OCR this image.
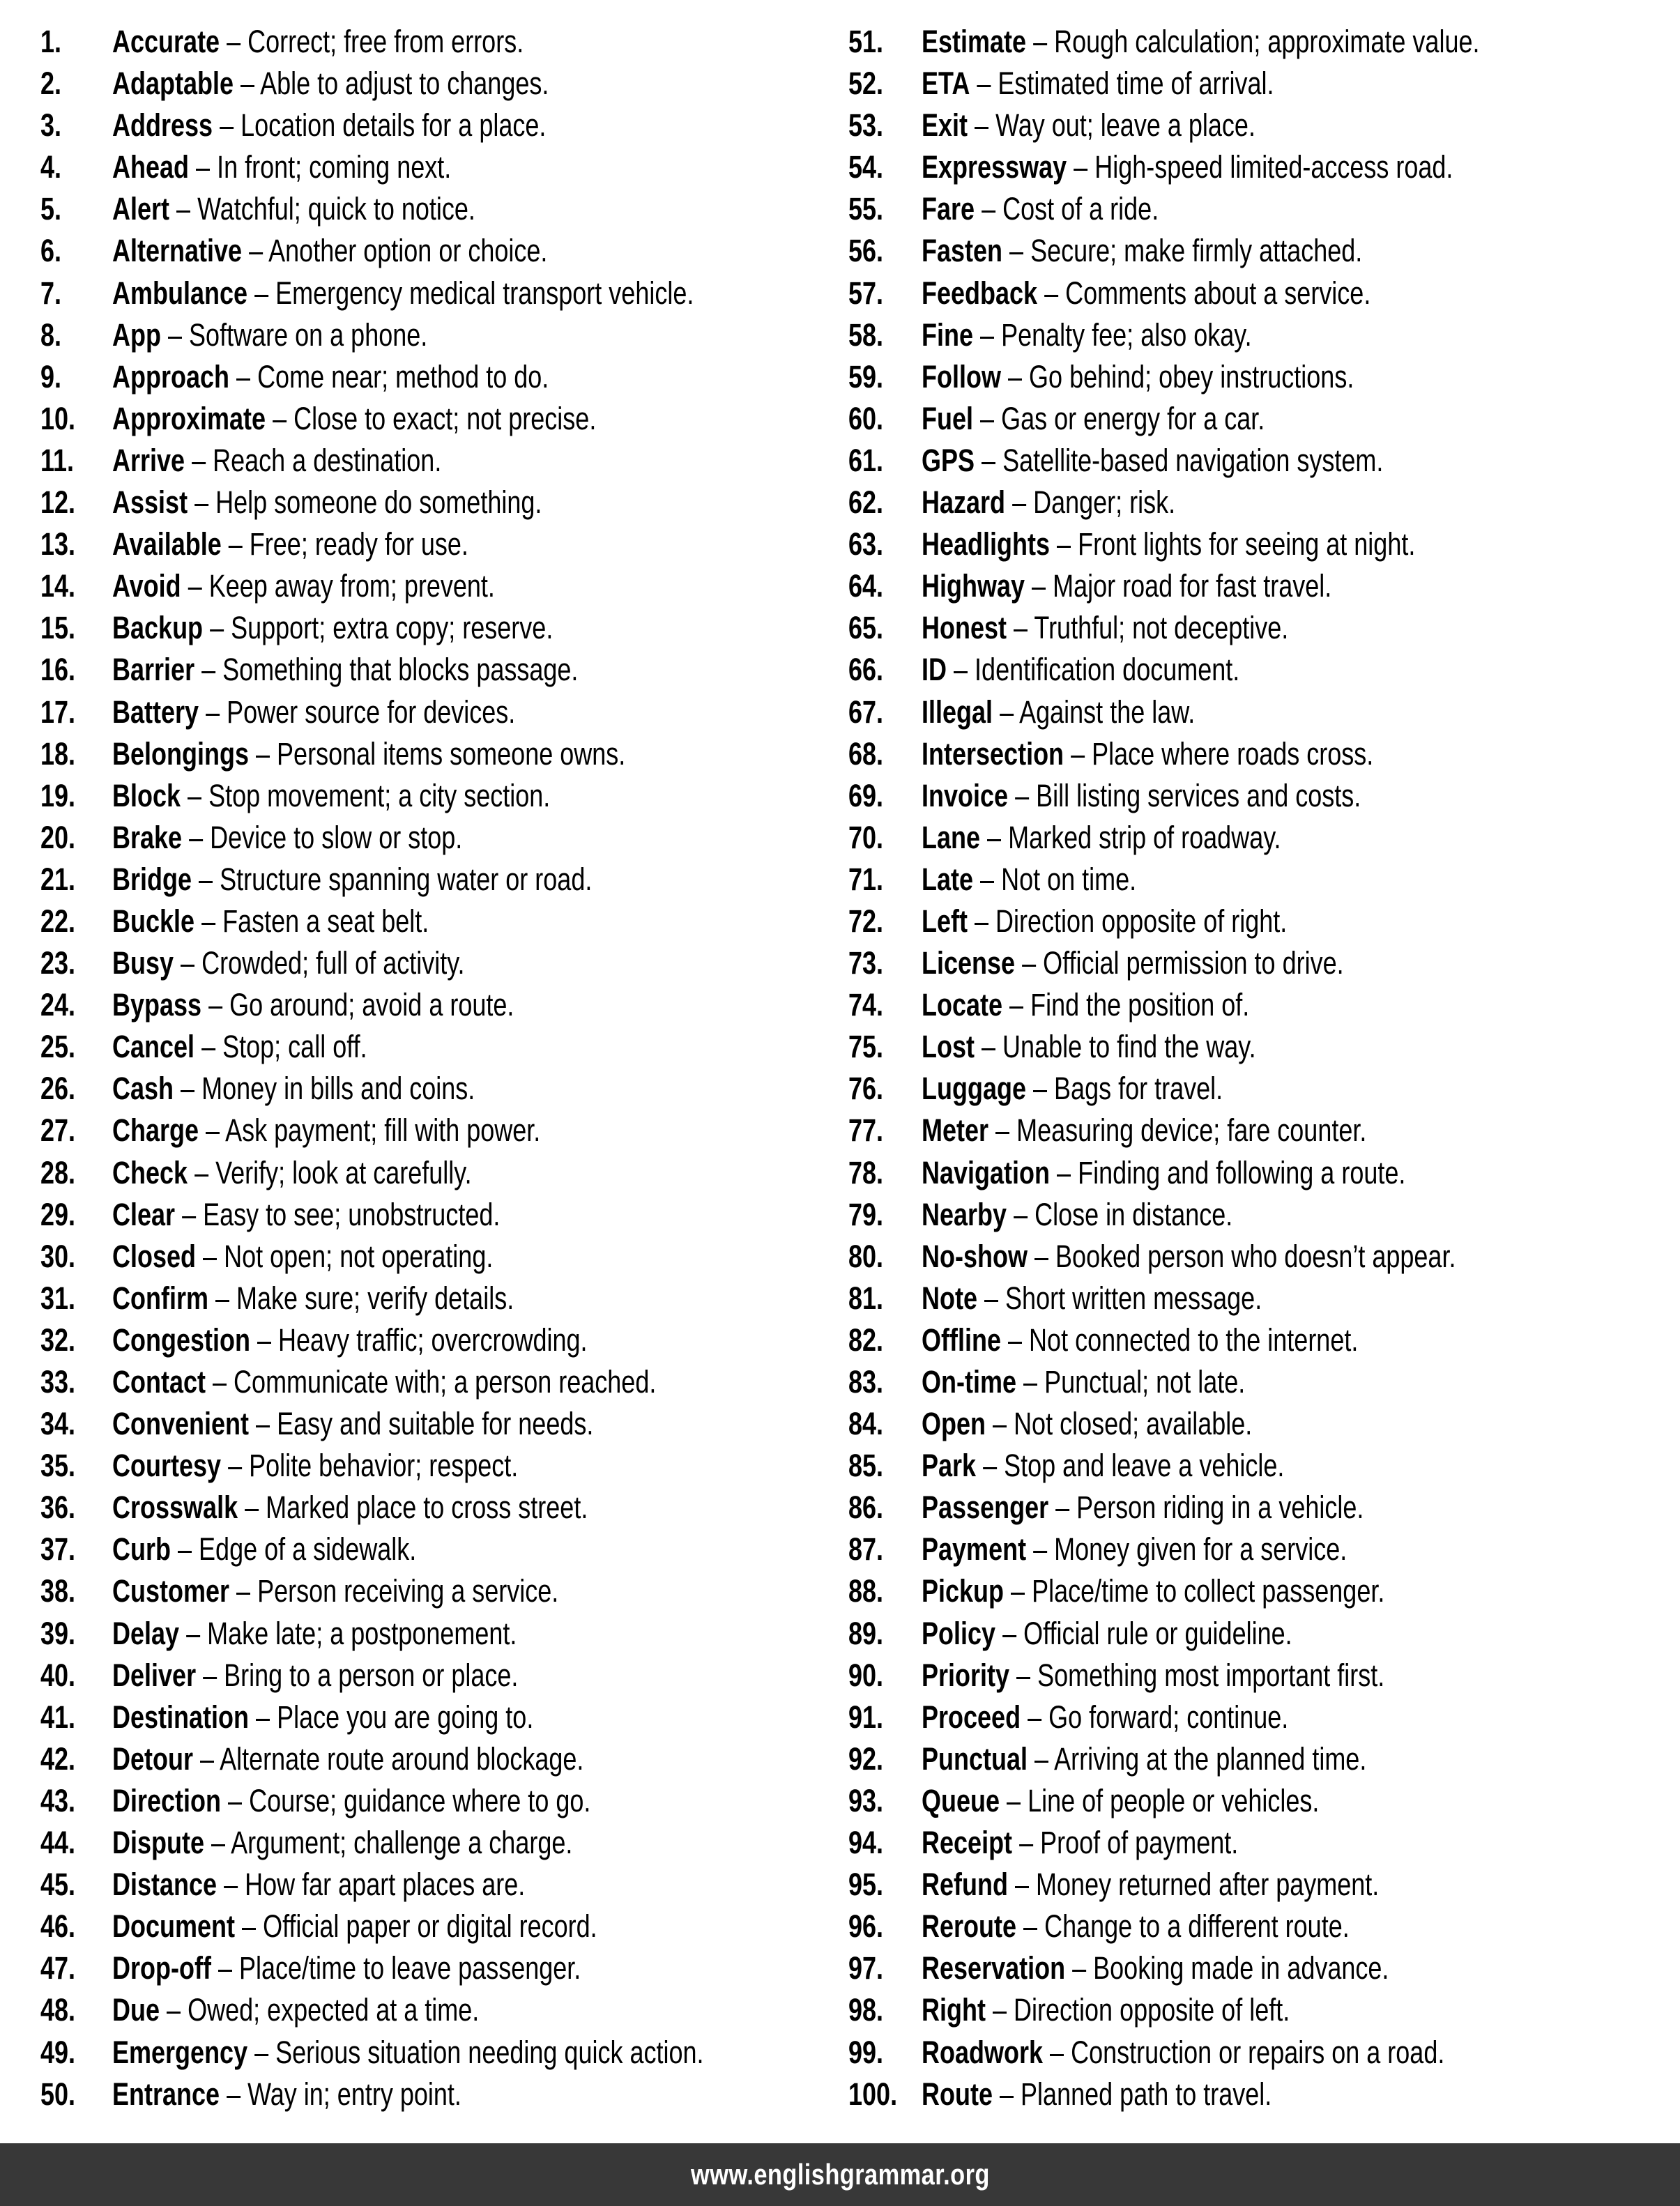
1.	Accurate – Correct; free from errors.
2.	Adaptable – Able to adjust to changes.
3.	Address – Location details for a place.
4.	Ahead – In front; coming next.
5.	Alert – Watchful; quick to notice.
6.	Alternative – Another option or choice.
7.	Ambulance – Emergency medical transport vehicle.
8.	App – Software on a phone.
9.	Approach – Come near; method to do.
10.	Approximate – Close to exact; not precise.
11.	Arrive – Reach a destination.
12.	Assist – Help someone do something.
13.	Available – Free; ready for use.
14.	Avoid – Keep away from; prevent.
15.	Backup – Support; extra copy; reserve.
16.	Barrier – Something that blocks passage.
17.	Battery – Power source for devices.
18.	Belongings – Personal items someone owns.
19.	Block – Stop movement; a city section.
20.	Brake – Device to slow or stop.
21.	Bridge – Structure spanning water or road.
22.	Buckle – Fasten a seat belt.
23.	Busy – Crowded; full of activity.
24.	Bypass – Go around; avoid a route.
25.	Cancel – Stop; call off.
26.	Cash – Money in bills and coins.
27.	Charge – Ask payment; fill with power.
28.	Check – Verify; look at carefully.
29.	Clear – Easy to see; unobstructed.
30.	Closed – Not open; not operating.
31.	Confirm – Make sure; verify details.
32.	Congestion – Heavy traffic; overcrowding.
33.	Contact – Communicate with; a person reached.
34.	Convenient – Easy and suitable for needs.
35.	Courtesy – Polite behavior; respect.
36.	Crosswalk – Marked place to cross street.
37.	Curb – Edge of a sidewalk.
38.	Customer – Person receiving a service.
39.	Delay – Make late; a postponement.
40.	Deliver – Bring to a person or place.
41.	Destination – Place you are going to.
42.	Detour – Alternate route around blockage.
43.	Direction – Course; guidance where to go.
44.	Dispute – Argument; challenge a charge.
45.	Distance – How far apart places are.
46.	Document – Official paper or digital record.
47.	Drop-off – Place/time to leave passenger.
48.	Due – Owed; expected at a time.
49.	Emergency – Serious situation needing quick action.
50.	Entrance – Way in; entry point.
51.	Estimate – Rough calculation; approximate value.
52.	ETA – Estimated time of arrival.
53.	Exit – Way out; leave a place.
54.	Expressway – High-speed limited-access road.
55.	Fare – Cost of a ride.
56.	Fasten – Secure; make firmly attached.
57.	Feedback – Comments about a service.
58.	Fine – Penalty fee; also okay.
59.	Follow – Go behind; obey instructions.
60.	Fuel – Gas or energy for a car.
61.	GPS – Satellite-based navigation system.
62.	Hazard – Danger; risk.
63.	Headlights – Front lights for seeing at night.
64.	Highway – Major road for fast travel.
65.	Honest – Truthful; not deceptive.
66.	ID – Identification document.
67.	Illegal – Against the law.
68.	Intersection – Place where roads cross.
69.	Invoice – Bill listing services and costs.
70.	Lane – Marked strip of roadway.
71.	Late – Not on time.
72.	Left – Direction opposite of right.
73.	License – Official permission to drive.
74.	Locate – Find the position of.
75.	Lost – Unable to find the way.
76.	Luggage – Bags for travel.
77.	Meter – Measuring device; fare counter.
78.	Navigation – Finding and following a route.
79.	Nearby – Close in distance.
80.	No-show – Booked person who doesn’t appear.
81.	Note – Short written message.
82.	Offline – Not connected to the internet.
83.	On-time – Punctual; not late.
84.	Open – Not closed; available.
85.	Park – Stop and leave a vehicle.
86.	Passenger – Person riding in a vehicle.
87.	Payment – Money given for a service.
88.	Pickup – Place/time to collect passenger.
89.	Policy – Official rule or guideline.
90.	Priority – Something most important first.
91.	Proceed – Go forward; continue.
92.	Punctual – Arriving at the planned time.
93.	Queue – Line of people or vehicles.
94.	Receipt – Proof of payment.
95.	Refund – Money returned after payment.
96.	Reroute – Change to a different route.
97.	Reservation – Booking made in advance.
98.	Right – Direction opposite of left.
99.	Roadwork – Construction or repairs on a road.
100. Route – Planned path to travel.
www.englishgrammar.org
